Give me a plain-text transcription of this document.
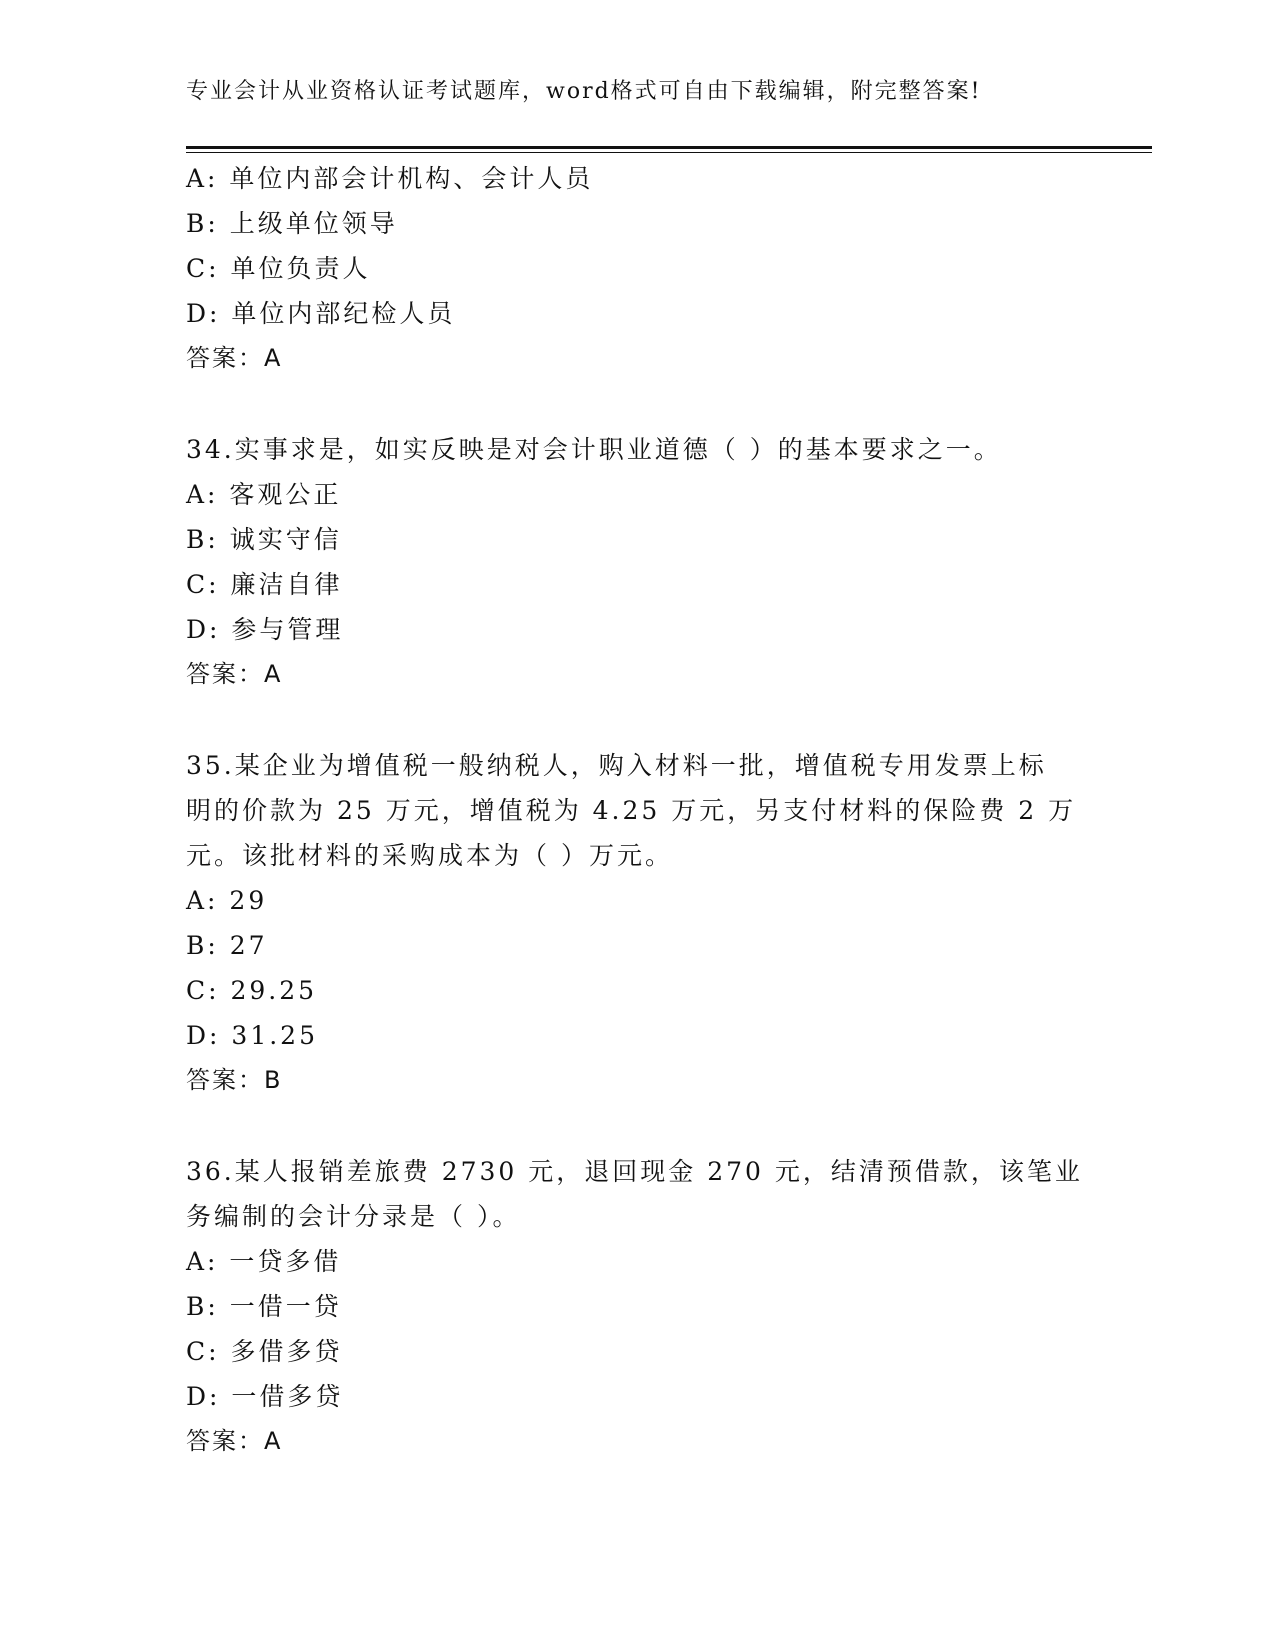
专业会计从业资格认证考试题库，word格式可自由下载编辑，附完整答案!
A: 单位内部会计机构、会计人员
B: 上级单位领导
C: 单位负责人
D: 单位内部纪检人员
答案：A
34.实事求是，如实反映是对会计职业道德（ ）的基本要求之一。
A: 客观公正
B: 诚实守信
C: 廉洁自律
D: 参与管理
答案：A
35.某企业为增值税一般纳税人，购入材料一批，增值税专用发票上标
明的价款为 25 万元，增值税为 4.25 万元，另支付材料的保险费 2 万
元。该批材料的采购成本为（ ）万元。
A: 29
B: 27
C: 29.25
D: 31.25
答案：B
36.某人报销差旅费 2730 元，退回现金 270 元，结清预借款，该笔业
务编制的会计分录是（ ）。
A: 一贷多借
B: 一借一贷
C: 多借多贷
D: 一借多贷
答案：A
